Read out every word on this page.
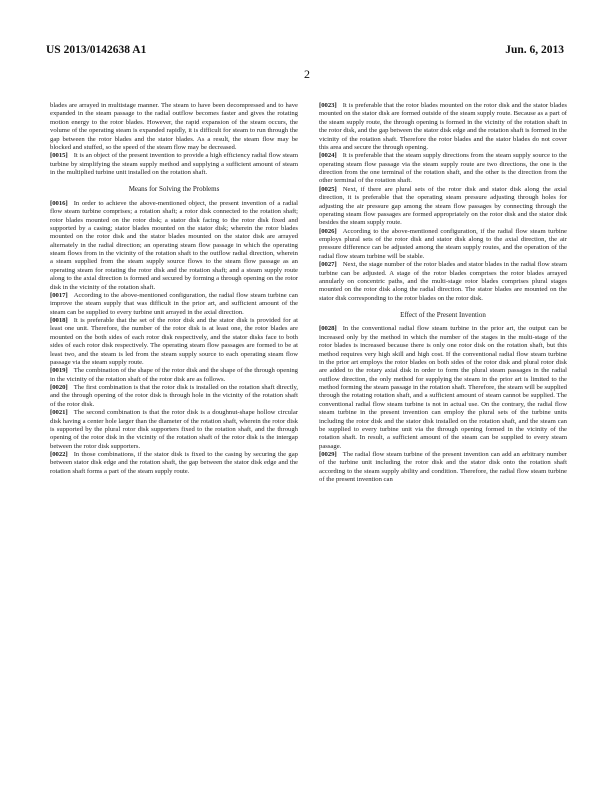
US 2013/0142638 A1	Jun. 6, 2013
2

blades are arrayed in multistage manner. The steam to have been decompressed and to have expanded in the steam passage to the radial outflow becomes faster and gives the rotating motion energy to the rotor blades. However, the rapid expansion of the steam occurs, the volume of the operating steam is expanded rapidly, it is difficult for steam to run through the gap between the rotor blades and the stator blades. As a result, the steam flow may be blocked and stuffed, so the speed of the steam flow may be decreased.

[0015] It is an object of the present invention to provide a high efficiency radial flow steam turbine by simplifying the steam supply method and supplying a sufficient amount of steam in the multiplied turbine unit installed on the rotation shaft.

Means for Solving the Problems

[0016] In order to achieve the above-mentioned object, the present invention of a radial flow steam turbine comprises; a rotation shaft; a rotor disk connected to the rotation shaft; rotor blades mounted on the rotor disk; a stator disk facing to the rotor disk fixed and supported by a casing; stator blades mounted on the stator disk; wherein the rotor blades mounted on the rotor disk and the stator blades mounted on the stator disk are arrayed alternately in the radial direction; an operating steam flow passage in which the operating steam flows from in the vicinity of the rotation shaft to the outflow radial direction, wherein a steam supplied from the steam supply source flows to the steam flow passage as an operating steam for rotating the rotor disk and the rotation shaft; and a steam supply route along to the axial direction is formed and secured by forming a through opening on the rotor disk in the vicinity of the rotation shaft.

[0017] According to the above-mentioned configuration, the radial flow steam turbine can improve the steam supply that was difficult in the prior art, and sufficient amount of the steam can be supplied to every turbine unit arrayed in the axial direction.

[0018] It is preferable that the set of the rotor disk and the stator disk is provided for at least one unit. Therefore, the number of the rotor disk is at least one, the rotor blades are mounted on the both sides of each rotor disk respectively, and the stator disks face to both sides of each rotor disk respectively. The operating steam flow passages are formed to be at least two, and the steam is led from the steam supply source to each operating steam flow passage via the steam supply route.

[0019] The combination of the shape of the rotor disk and the shape of the through opening in the vicinity of the rotation shaft of the rotor disk are as follows.

[0020] The first combination is that the rotor disk is installed on the rotation shaft directly, and the through opening of the rotor disk is through hole in the vicinity of the rotation shaft of the rotor disk.

[0021] The second combination is that the rotor disk is a doughnut-shape hollow circular disk having a center hole larger than the diameter of the rotation shaft, wherein the rotor disk is supported by the plural rotor disk supporters fixed to the rotation shaft, and the through opening of the rotor disk in the vicinity of the rotation shaft of the rotor disk is the intergap between the rotor disk supporters.

[0022] In those combinations, if the stator disk is fixed to the casing by securing the gap between stator disk edge and the rotation shaft, the gap between the stator disk edge and the rotation shaft forms a part of the steam supply route.

[0023] It is preferable that the rotor blades mounted on the rotor disk and the stator blades mounted on the stator disk are formed outside of the steam supply route. Because as a part of the steam supply route, the through opening is formed in the vicinity of the rotation shaft in the rotor disk, and the gap between the stator disk edge and the rotation shaft is formed in the vicinity of the rotation shaft. Therefore the rotor blades and the stator blades do not cover this area and secure the through opening.

[0024] It is preferable that the steam supply directions from the steam supply source to the operating steam flow passage via the steam supply route are two directions, the one is the direction from the one terminal of the rotation shaft, and the other is the direction from the other terminal of the rotation shaft.

[0025] Next, if there are plural sets of the rotor disk and stator disk along the axial direction, it is preferable that the operating steam pressure adjusting through holes for adjusting the air pressure gap among the steam flow passages by connecting through the operating steam flow passages are formed appropriately on the rotor disk and the stator disk besides the steam supply route.

[0026] According to the above-mentioned configuration, if the radial flow steam turbine employs plural sets of the rotor disk and stator disk along to the axial direction, the air pressure difference can be adjusted among the steam supply routes, and the operation of the radial flow steam turbine will be stable.

[0027] Next, the stage number of the rotor blades and stator blades in the radial flow steam turbine can be adjusted. A stage of the rotor blades comprises the rotor blades arrayed annularly on concentric paths, and the multi-stage rotor blades comprises plural stages mounted on the rotor disk along the radial direction. The stator blades are mounted on the stator disk corresponding to the rotor blades on the rotor disk.

Effect of the Present Invention

[0028] In the conventional radial flow steam turbine in the prior art, the output can be increased only by the method in which the number of the stages in the multi-stage of the rotor blades is increased because there is only one rotor disk on the rotation shaft, but this method requires very high skill and high cost. If the conventional radial flow steam turbine in the prior art employs the rotor blades on both sides of the rotor disk and plural rotor disk are added to the rotary axial disk in order to form the plural steam passages in the radial outflow direction, the only method for supplying the steam in the prior art is limited to the method forming the steam passage in the rotation shaft. Therefore, the steam will be supplied through the rotating rotation shaft, and a sufficient amount of steam cannot be supplied. The conventional radial flow steam turbine is not in actual use. On the contrary, the radial flow steam turbine in the present invention can employ the plural sets of the turbine units including the rotor disk and the stator disk installed on the rotation shaft, and the steam can be supplied to every turbine unit via the through opening formed in the vicinity of the rotation shaft. In result, a sufficient amount of the steam can be supplied to every steam passage.

[0029] The radial flow steam turbine of the present invention can add an arbitrary number of the turbine unit including the rotor disk and the stator disk onto the rotation shaft according to the steam supply ability and condition. Therefore, the radial flow steam turbine of the present invention can
